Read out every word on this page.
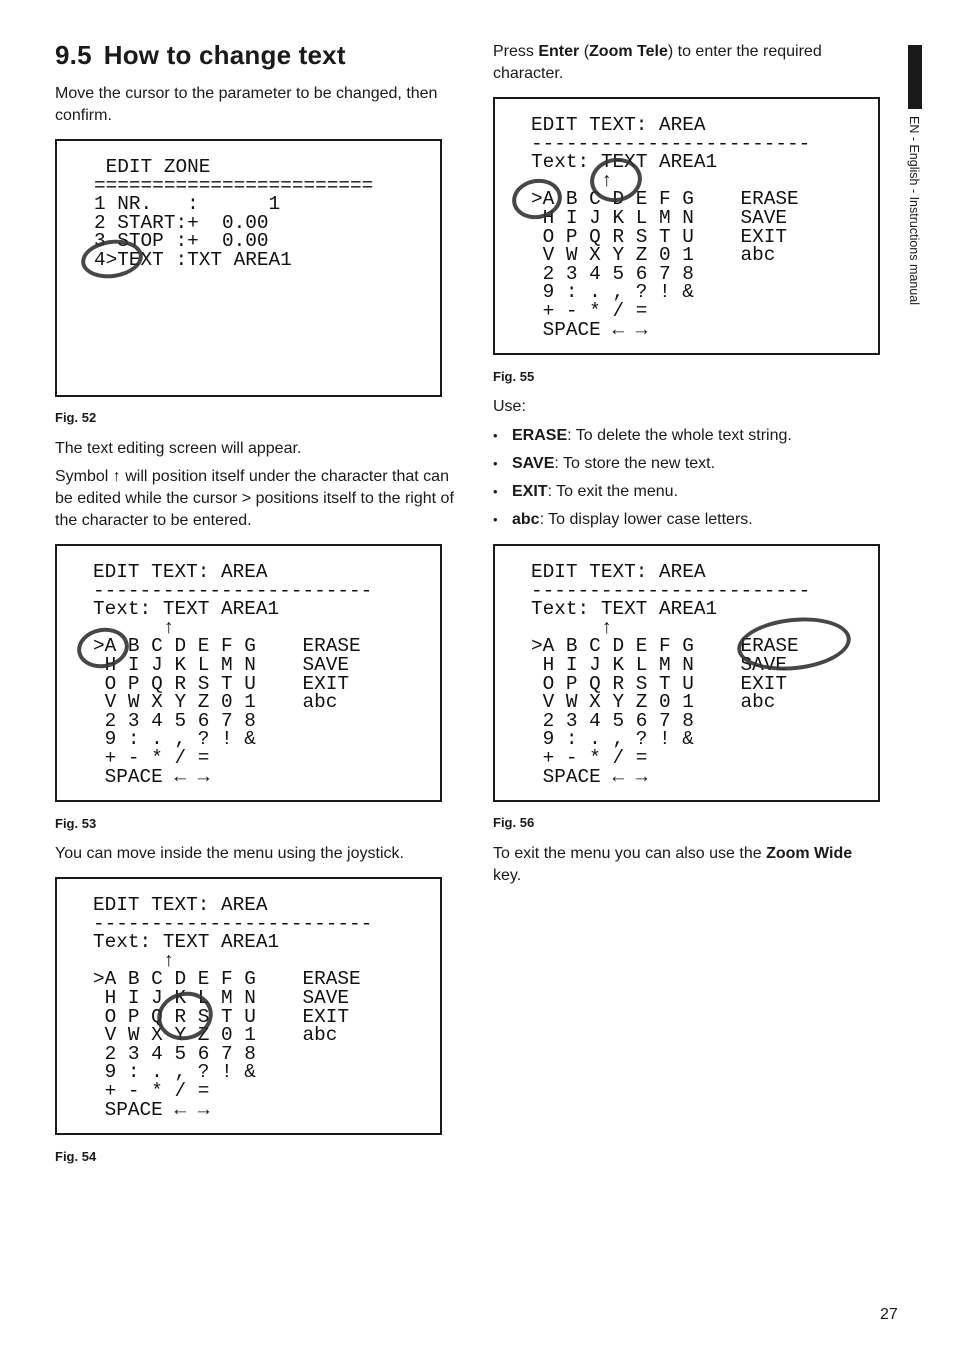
9.5 How to change text

Move the cursor to the parameter to be changed, then confirm.

EDIT ZONE
========================
1 NR.   :      1
2 START:+  0.00
3 STOP :+  0.00
4>TEXT :TXT AREA1

Fig. 52

The text editing screen will appear.

Symbol ↑ will position itself under the character that can be edited while the cursor > positions itself to the right of the character to be entered.

EDIT TEXT: AREA
------------------------
Text: TEXT AREA1
↑
>A B C D E F G    ERASE
H I J K L M N    SAVE
O P Q R S T U    EXIT
V W X Y Z 0 1    abc
2 3 4 5 6 7 8
9 : . , ? ! &
+ - * / =
SPACE ← →

Fig. 53

You can move inside the menu using the joystick.

EDIT TEXT: AREA
------------------------
Text: TEXT AREA1
↑
>A B C D E F G    ERASE
H I J K L M N    SAVE
O P Q R S T U    EXIT
V W X Y Z 0 1    abc
2 3 4 5 6 7 8
9 : . , ? ! &
+ - * / =
SPACE ← →

Fig. 54

Press Enter (Zoom Tele) to enter the required character.

EDIT TEXT: AREA
------------------------
Text: TEXT AREA1
↑
>A B C D E F G    ERASE
H I J K L M N    SAVE
O P Q R S T U    EXIT
V W X Y Z 0 1    abc
2 3 4 5 6 7 8
9 : . , ? ! &
+ - * / =
SPACE ← →

Fig. 55

Use:

• ERASE: To delete the whole text string.
• SAVE: To store the new text.
• EXIT: To exit the menu.
• abc: To display lower case letters.
EDIT TEXT: AREA
------------------------
Text: TEXT AREA1
↑
>A B C D E F G    ERASE
H I J K L M N    SAVE
O P Q R S T U    EXIT
V W X Y Z 0 1    abc
2 3 4 5 6 7 8
9 : . , ? ! &
+ - * / =
SPACE ← →

Fig. 56

To exit the menu you can also use the Zoom Wide key.

EN - English - Instructions manual
27
